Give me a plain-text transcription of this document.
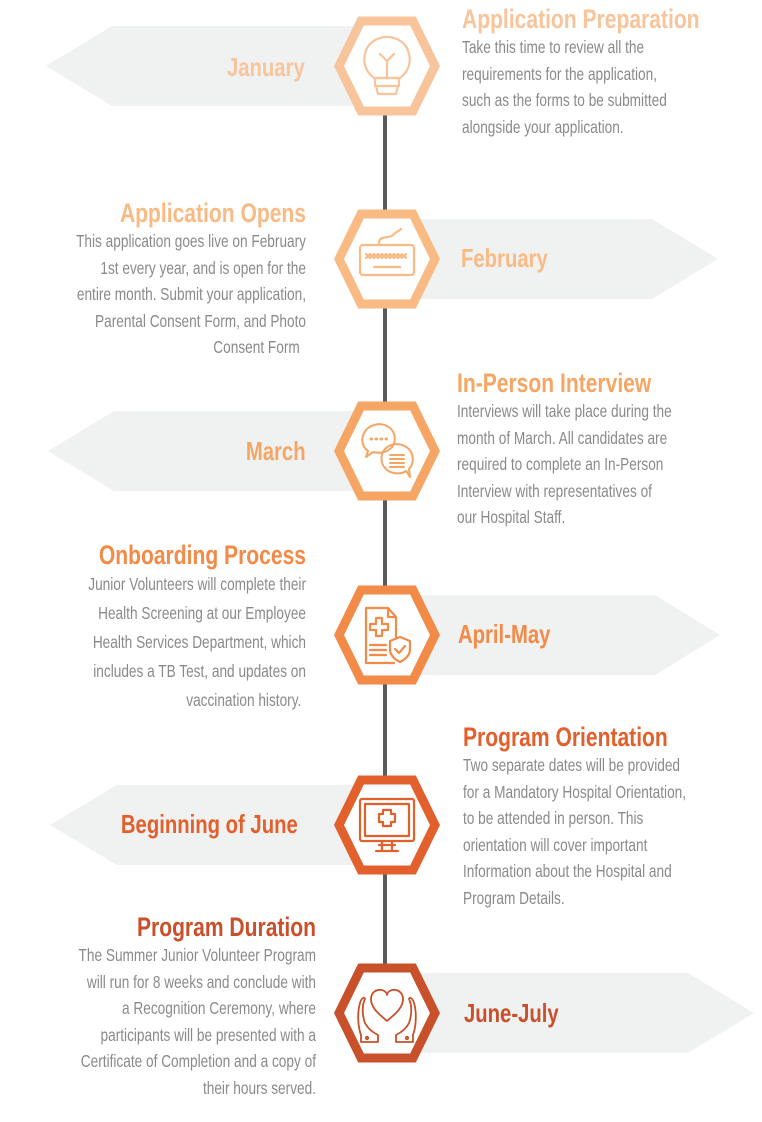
January
Application Preparation
Take this time to review all the
requirements for the application,
such as the forms to be submitted
alongside your application.
February
Application Opens
This application goes live on February
1st every year, and is open for the
entire month. Submit your application,
Parental Consent Form, and Photo
Consent Form
March
In-Person Interview
Interviews will take place during the
month of March. All candidates are
required to complete an In-Person
Interview with representatives of
our Hospital Staff.
April-May
Onboarding Process
Junior Volunteers will complete their
Health Screening at our Employee
Health Services Department, which
includes a TB Test, and updates on
vaccination history.
Beginning of June
Program Orientation
Two separate dates will be provided
for a Mandatory Hospital Orientation,
to be attended in person. This
orientation will cover important
Information about the Hospital and
Program Details.
June-July
Program Duration
The Summer Junior Volunteer Program
will run for 8 weeks and conclude with
a Recognition Ceremony, where
participants will be presented with a
Certificate of Completion and a copy of
their hours served.
